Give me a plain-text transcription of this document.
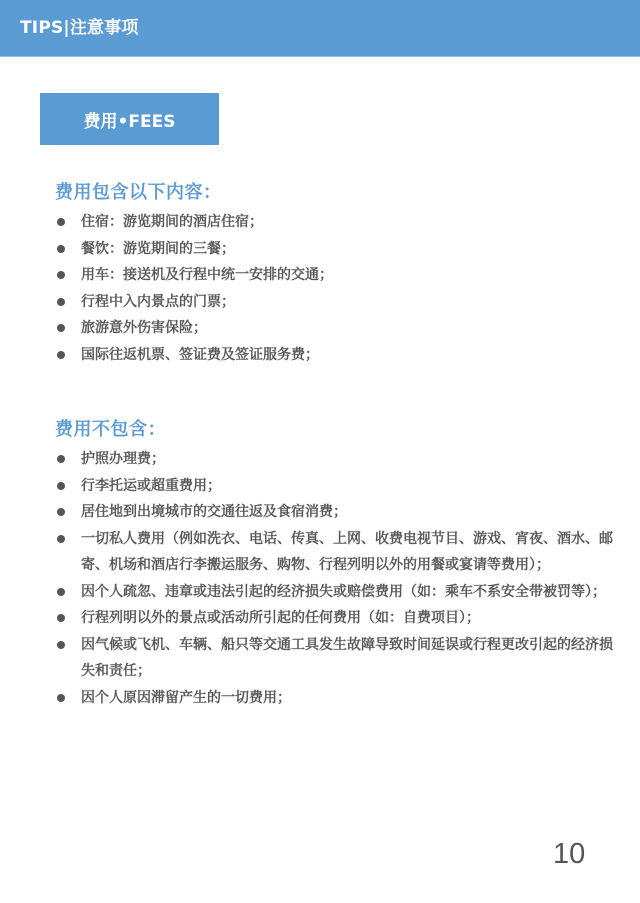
TIPS|注意事项
费用•FEES
费用包含以下内容：
住宿：游览期间的酒店住宿；
餐饮：游览期间的三餐；
用车：接送机及行程中统一安排的交通；
行程中入内景点的门票；
旅游意外伤害保险；
国际往返机票、签证费及签证服务费；
费用不包含：
护照办理费；
行李托运或超重费用；
居住地到出境城市的交通往返及食宿消费；
一切私人费用（例如洗衣、电话、传真、上网、收费电视节目、游戏、宵夜、酒水、邮寄、机场和酒店行李搬运服务、购物、行程列明以外的用餐或宴请等费用）；
因个人疏忽、违章或违法引起的经济损失或赔偿费用（如：乘车不系安全带被罚等）；
行程列明以外的景点或活动所引起的任何费用（如：自费项目）；
因气候或飞机、车辆、船只等交通工具发生故障导致时间延误或行程更改引起的经济损失和责任；
因个人原因滞留产生的一切费用；
10
